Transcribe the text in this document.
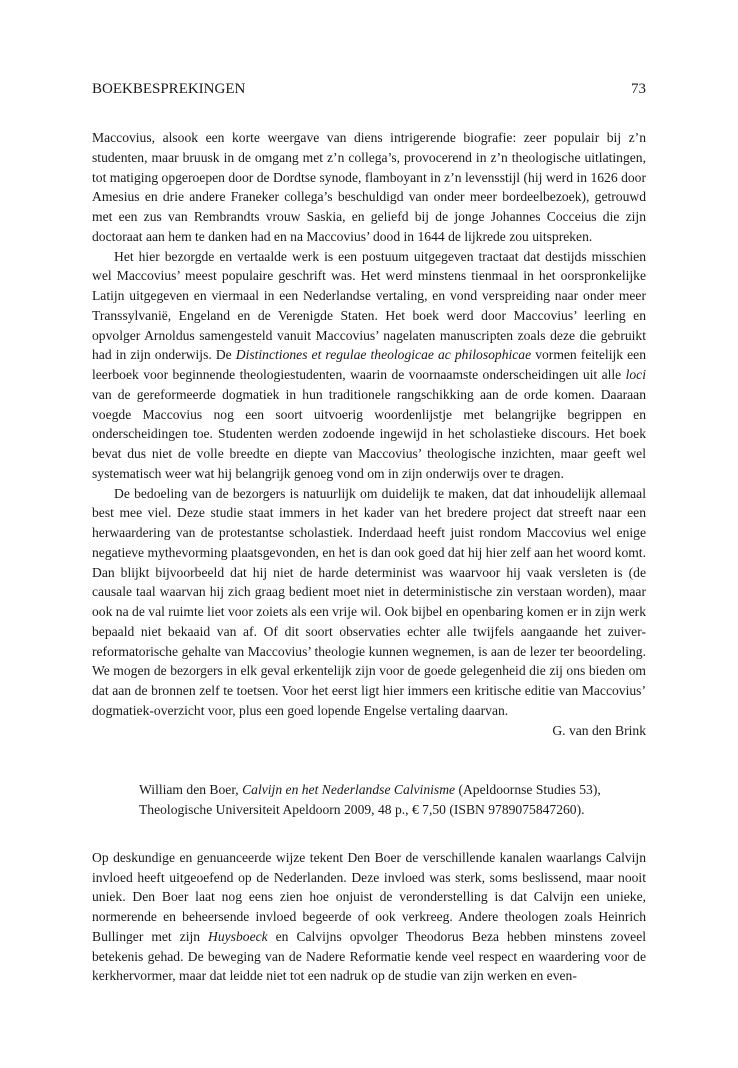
BOEKBESPREKINGEN	73

Maccovius, alsook een korte weergave van diens intrigerende biografie: zeer populair bij z’n studenten, maar bruusk in de omgang met z’n collega’s, provocerend in z’n theologische uitlatingen, tot matiging opgeroepen door de Dordtse synode, flamboyant in z’n levensstijl (hij werd in 1626 door Amesius en drie andere Franeker collega’s beschuldigd van onder meer bordeelbezoek), getrouwd met een zus van Rembrandts vrouw Saskia, en geliefd bij de jonge Johannes Cocceius die zijn doctoraat aan hem te danken had en na Maccovius’ dood in 1644 de lijkrede zou uitspreken.

Het hier bezorgde en vertaalde werk is een postuum uitgegeven tractaat dat destijds misschien wel Maccovius’ meest populaire geschrift was. Het werd minstens tienmaal in het oorspronkelijke Latijn uitgegeven en viermaal in een Nederlandse vertaling, en vond verspreiding naar onder meer Transsylvanië, Engeland en de Verenigde Staten. Het boek werd door Maccovius’ leerling en opvolger Arnoldus samengesteld vanuit Maccovius’ nagelaten manuscripten zoals deze die gebruikt had in zijn onderwijs. De Distinctiones et regulae theologicae ac philosophicae vormen feitelijk een leerboek voor beginnende theologiestudenten, waarin de voornaamste onderscheidingen uit alle loci van de gereformeerde dogmatiek in hun traditionele rangschikking aan de orde komen. Daaraan voegde Maccovius nog een soort uitvoerig woordenlijstje met belangrijke begrippen en onderscheidingen toe. Studenten werden zodoende ingewijd in het scholastieke discours. Het boek bevat dus niet de volle breedte en diepte van Maccovius’ theologische inzichten, maar geeft wel systematisch weer wat hij belangrijk genoeg vond om in zijn onderwijs over te dragen.

De bedoeling van de bezorgers is natuurlijk om duidelijk te maken, dat dat inhoudelijk allemaal best mee viel. Deze studie staat immers in het kader van het bredere project dat streeft naar een herwaardering van de protestantse scholastiek. Inderdaad heeft juist rondom Maccovius wel enige negatieve mythevorming plaatsgevonden, en het is dan ook goed dat hij hier zelf aan het woord komt. Dan blijkt bijvoorbeeld dat hij niet de harde determinist was waarvoor hij vaak versleten is (de causale taal waarvan hij zich graag bedient moet niet in deterministische zin verstaan worden), maar ook na de val ruimte liet voor zoiets als een vrije wil. Ook bijbel en openbaring komen er in zijn werk bepaald niet bekaaid van af. Of dit soort observaties echter alle twijfels aangaande het zuiver-reformatorische gehalte van Maccovius’ theologie kunnen wegnemen, is aan de lezer ter beoordeling. We mogen de bezorgers in elk geval erkentelijk zijn voor de goede gelegenheid die zij ons bieden om dat aan de bronnen zelf te toetsen. Voor het eerst ligt hier immers een kritische editie van Maccovius’ dogmatiek-overzicht voor, plus een goed lopende Engelse vertaling daarvan.

G. van den Brink
William den Boer, Calvijn en het Nederlandse Calvinisme (Apeldoornse Studies 53),
Theologische Universiteit Apeldoorn 2009, 48 p., € 7,50 (ISBN 9789075847260).

Op deskundige en genuanceerde wijze tekent Den Boer de verschillende kanalen waarlangs Calvijn invloed heeft uitgeoefend op de Nederlanden. Deze invloed was sterk, soms beslissend, maar nooit uniek. Den Boer laat nog eens zien hoe onjuist de veronderstelling is dat Calvijn een unieke, normerende en beheersende invloed begeerde of ook verkreeg. Andere theologen zoals Heinrich Bullinger met zijn Huysboeck en Calvijns opvolger Theodorus Beza hebben minstens zoveel betekenis gehad. De beweging van de Nadere Reformatie kende veel respect en waardering voor de kerkhervormer, maar dat leidde niet tot een nadruk op de studie van zijn werken en even-
